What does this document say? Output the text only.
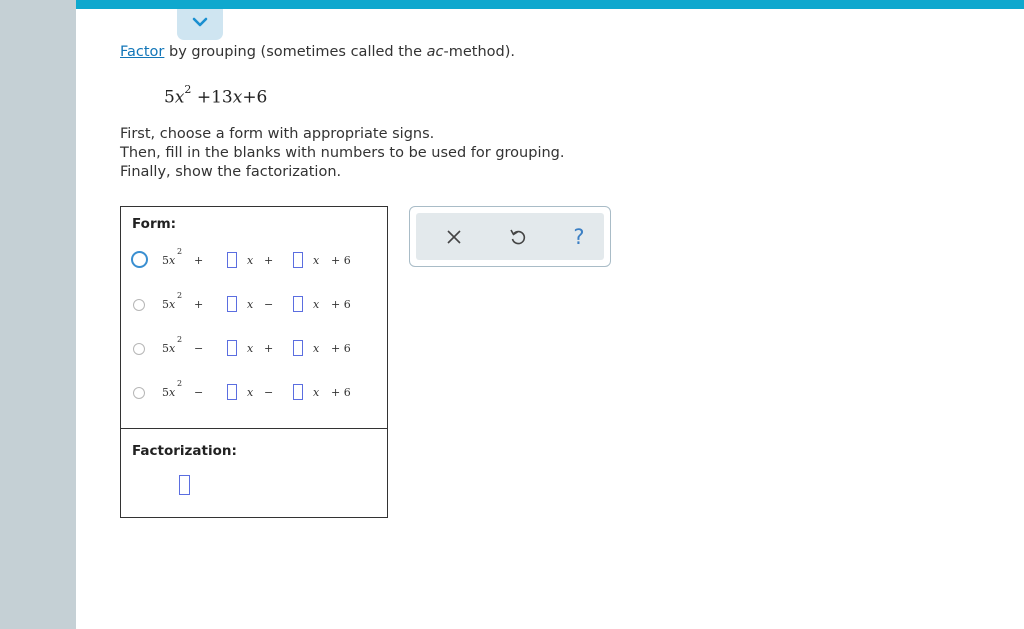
Factor by grouping (sometimes called the ac-method).
$5x^2 +13x+6$
First, choose a form with appropriate signs.
Then, fill in the blanks with numbers to be used for grouping.
Finally, show the factorization.
Form:
5 x
2
+	x +	x + 6
5 x
2
+	x −	x + 6
5 x
2
−	x +	x + 6
5 x
2
−	x −	x + 6
Factorization:
?
